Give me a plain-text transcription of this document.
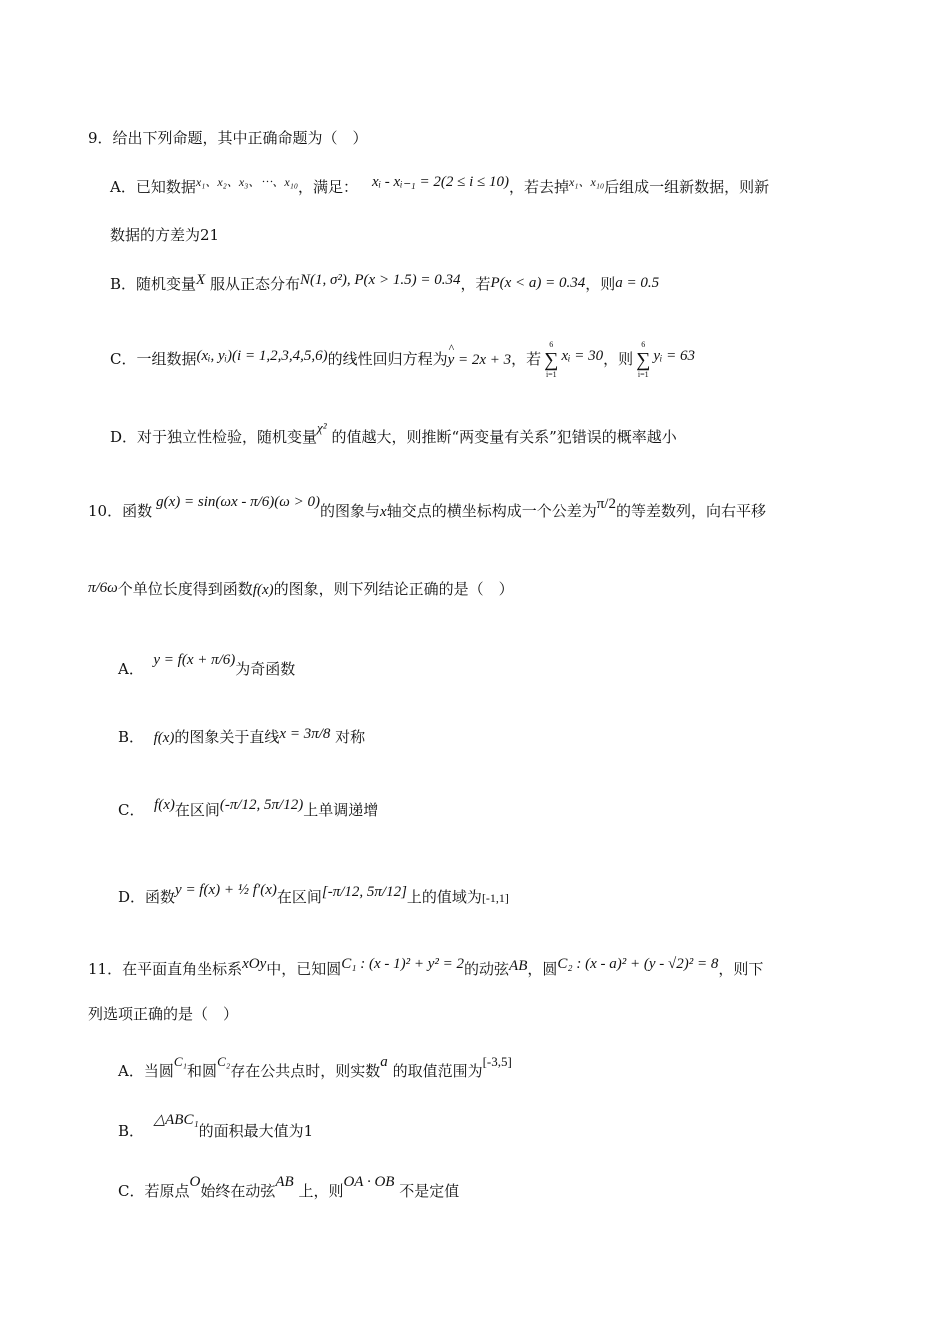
9．给出下列命题，其中正确命题为（　）
A．已知数据$^{x_1、x_2、x_3、\cdots、x_{10}}$，满足： xᵢ - xᵢ₋₁ = 2(2 ≤ i ≤ 10)，若去掉$^{x_1、x_{10}}$后组成一组新数据，则新
数据的方差为21
B．随机变量X 服从正态分布N(1, σ²), P(x > 1.5) = 0.34，若P(x < a) = 0.34，则a = 0.5
C．一组数据(xᵢ, yᵢ)(i = 1,2,3,4,5,6)的线性回归方程为^ y = 2x + 3，若
6
∑
i=1
xᵢ = 30，则
6
∑
i=1
yᵢ = 63
D．对于独立性检验，随机变量χ² 的值越大，则推断“两变量有关系”犯错误的概率越小
10．函数 g(x) = sin(ωx - π/6)(ω > 0)的图象与x轴交点的横坐标构成一个公差为π/2的等差数列，向右平移
π/6ω个单位长度得到函数f(x)的图象，则下列结论正确的是（　）
A． y = f(x + π/6)为奇函数
B． f(x)的图象关于直线x = 3π/8 对称
C． f(x)在区间(-π/12, 5π/12)上单调递增
D．函数y = f(x) + ½ f′(x)在区间[-π/12, 5π/12]上的值域为[-1,1]
11．在平面直角坐标系xOy中，已知圆C₁ : (x - 1)² + y² = 2的动弦AB，圆C₂ : (x - a)² + (y - √2)² = 8，则下
列选项正确的是（　）
A．当圆C₁和圆C₂存在公共点时，则实数a 的取值范围为[-3,5]
B．  △ABC₁的面积最大值为1
C．若原点O始终在动弦AB 上，则OA · OB 不是定值
